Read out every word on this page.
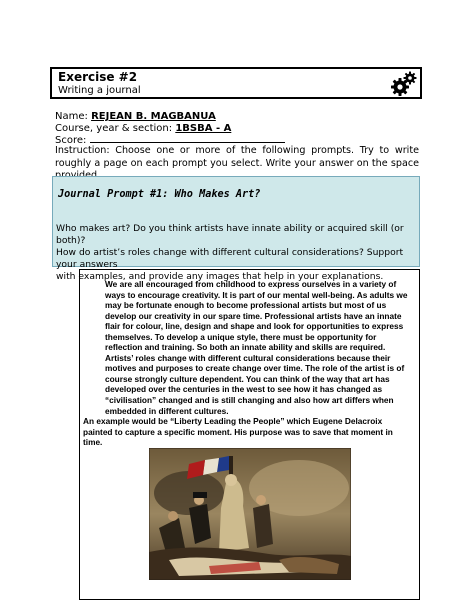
Exercise #2
Writing a journal
Name: REJEAN B. MAGBANUA
Course, year & section: 1BSBA - A
Score:
Instruction: Choose one or more of the following prompts. Try to write roughly a page on each prompt you select. Write your answer on the space
Journal Prompt #1: Who Makes Art?
Who makes art? Do you think artists have innate ability or acquired skill (or both)?
How do artist’s roles change with different cultural considerations? Support your answers
with examples, and provide any images that help in your explanations.

We are all encouraged from childhood to express ourselves in a variety of ways to encourage creativity. It is part of our mental well-being. As adults we may be fortunate enough to become professional artists but most of us develop our creativity in our spare time. Professional artists have an innate flair for colour, line, design and shape and look for opportunities to express themselves. To develop a unique style, there must be opportunity for reflection and training. So both an innate ability and skills are required.

Artists’ roles change with different cultural considerations because their motives and purposes to create change over time. The role of the artist is of course strongly culture dependent. You can think of the way that art has developed over the centuries in the west to see how it has changed as “civilisation” changed and is still changing and also how art differs when embedded in different cultures.

An example would be “Liberty Leading the People” which Eugene Delacroix painted to capture a specific moment. His purpose was to save that moment in time.
